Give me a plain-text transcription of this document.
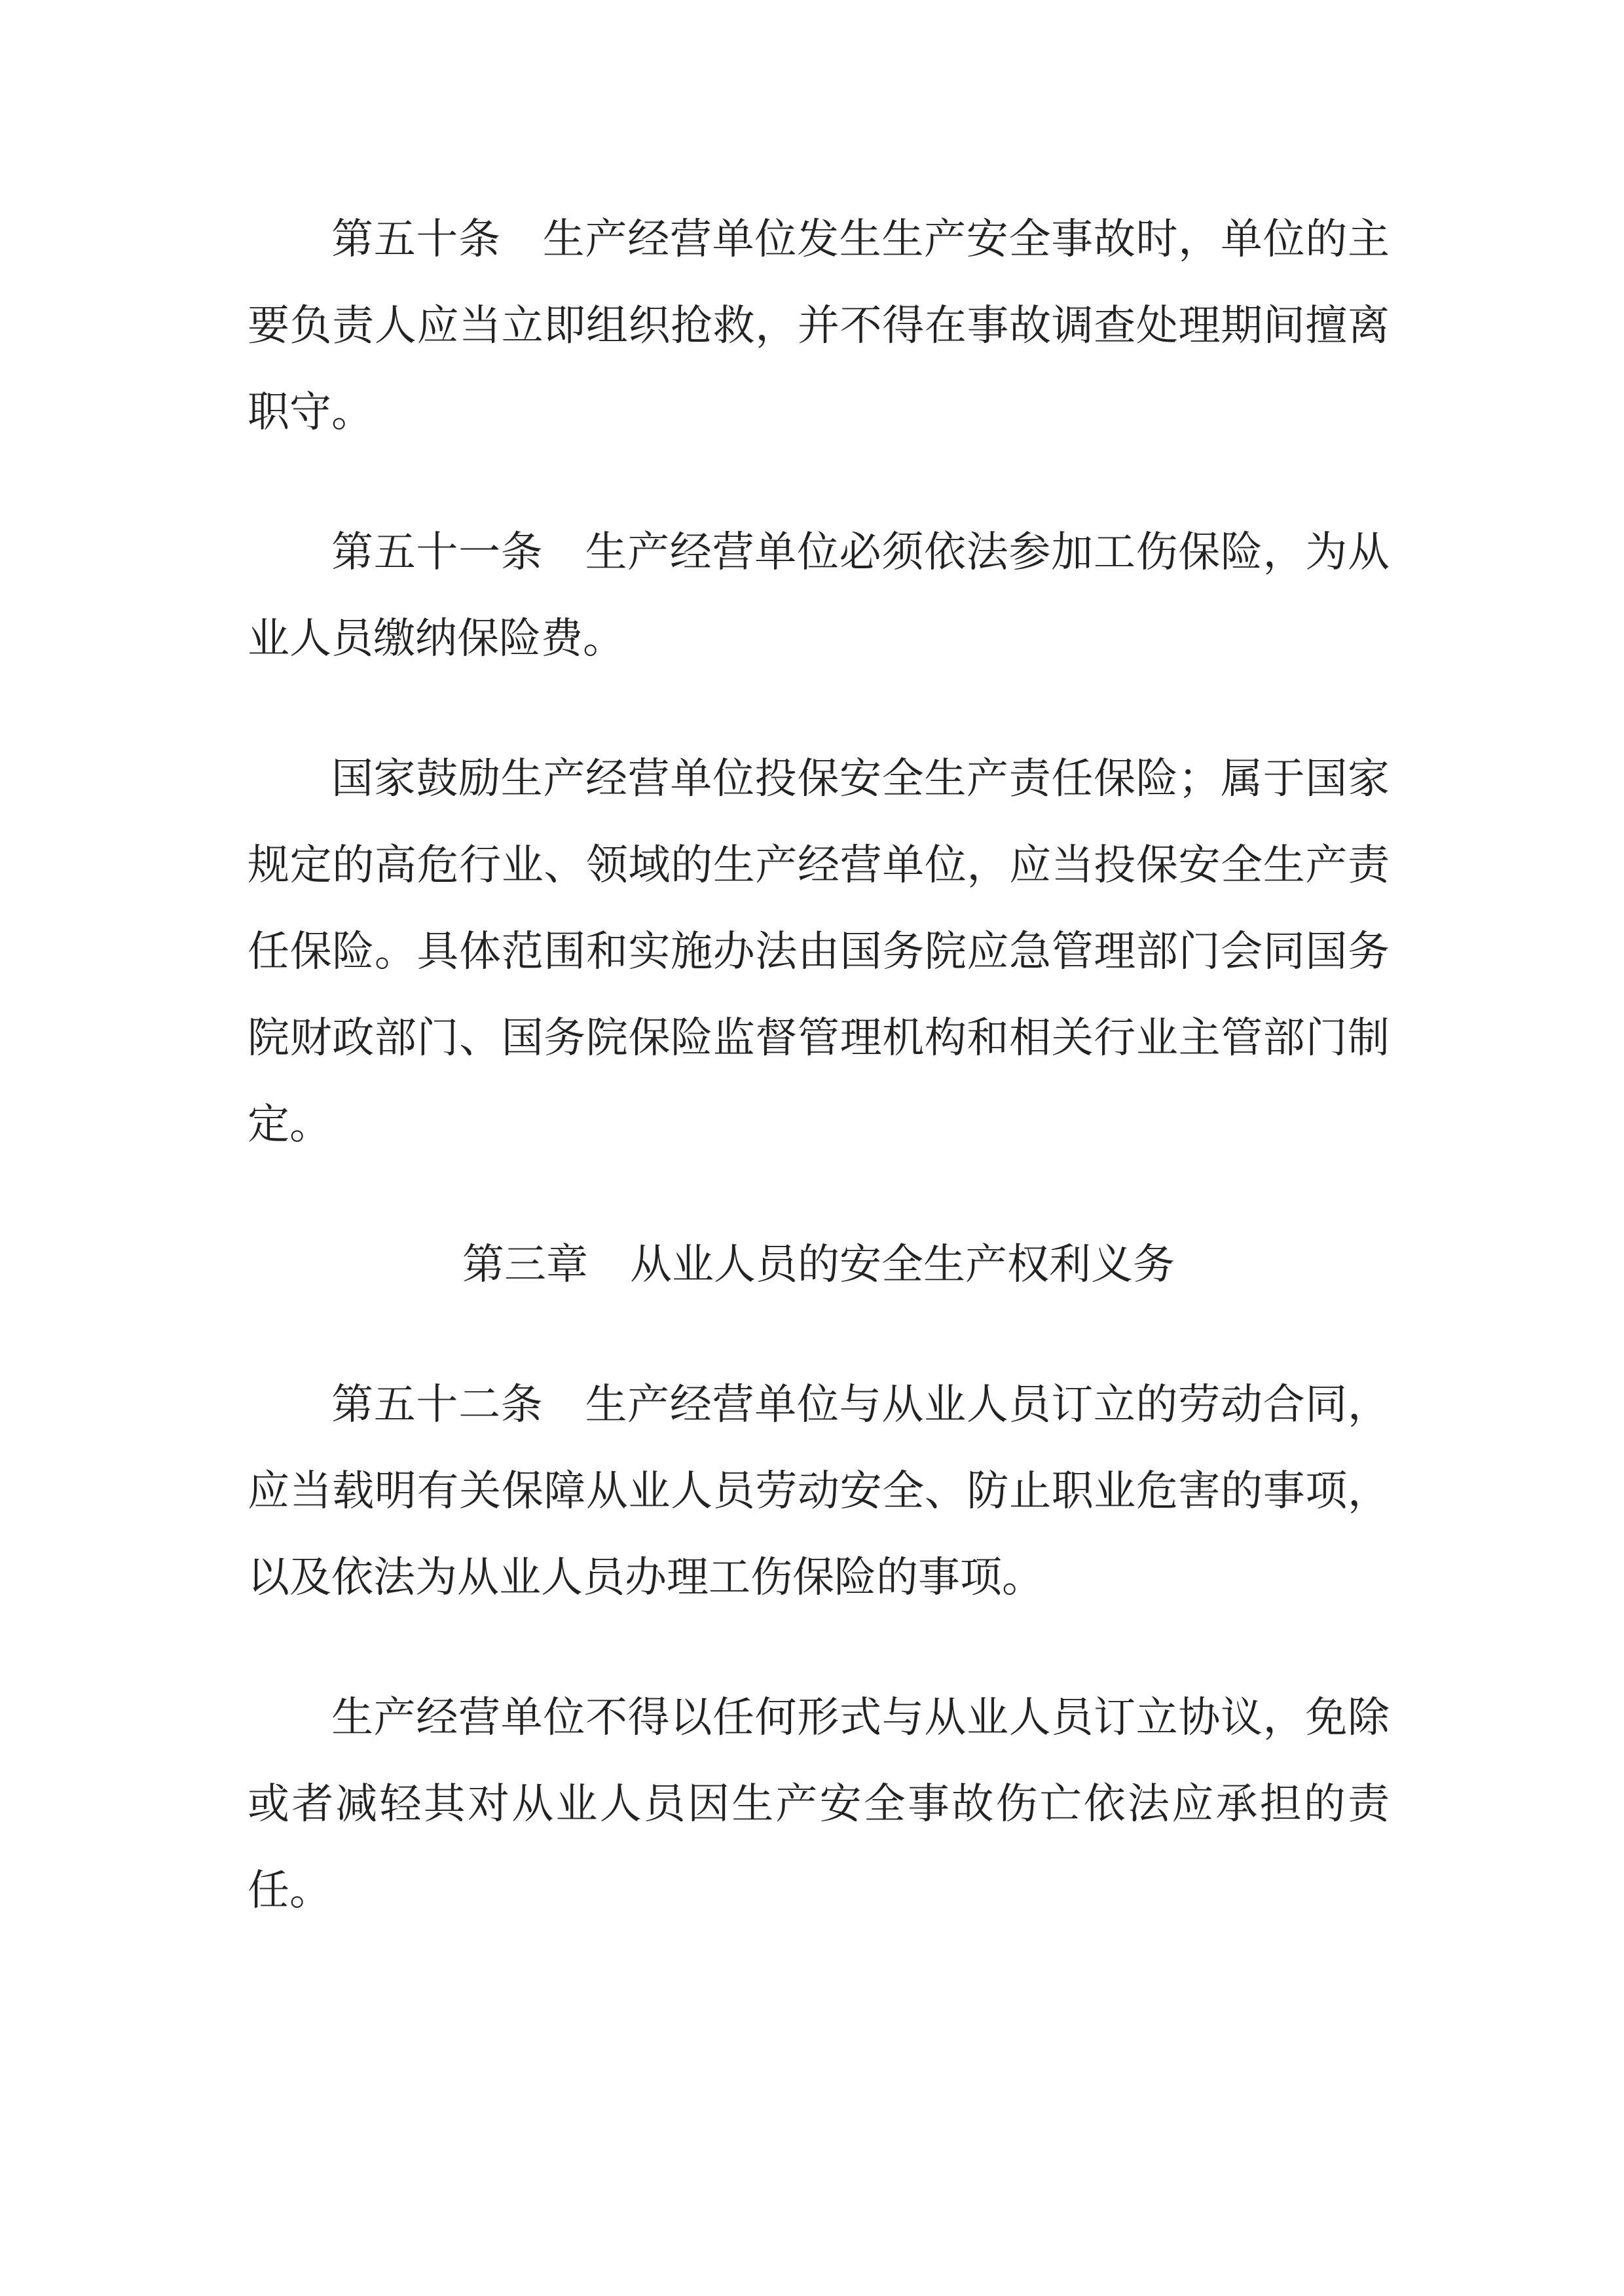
第五十条 生产经营单位发生生产安全事故时，单位的主要负责人应当立即组织抢救，并不得在事故调查处理期间擅离职守。

第五十一条 生产经营单位必须依法参加工伤保险，为从业人员缴纳保险费。

国家鼓励生产经营单位投保安全生产责任保险；属于国家规定的高危行业、领域的生产经营单位，应当投保安全生产责任保险。具体范围和实施办法由国务院应急管理部门会同国务院财政部门、国务院保险监督管理机构和相关行业主管部门制定。

第三章 从业人员的安全生产权利义务

第五十二条 生产经营单位与从业人员订立的劳动合同，应当载明有关保障从业人员劳动安全、防止职业危害的事项，以及依法为从业人员办理工伤保险的事项。

生产经营单位不得以任何形式与从业人员订立协议，免除或者减轻其对从业人员因生产安全事故伤亡依法应承担的责任。
